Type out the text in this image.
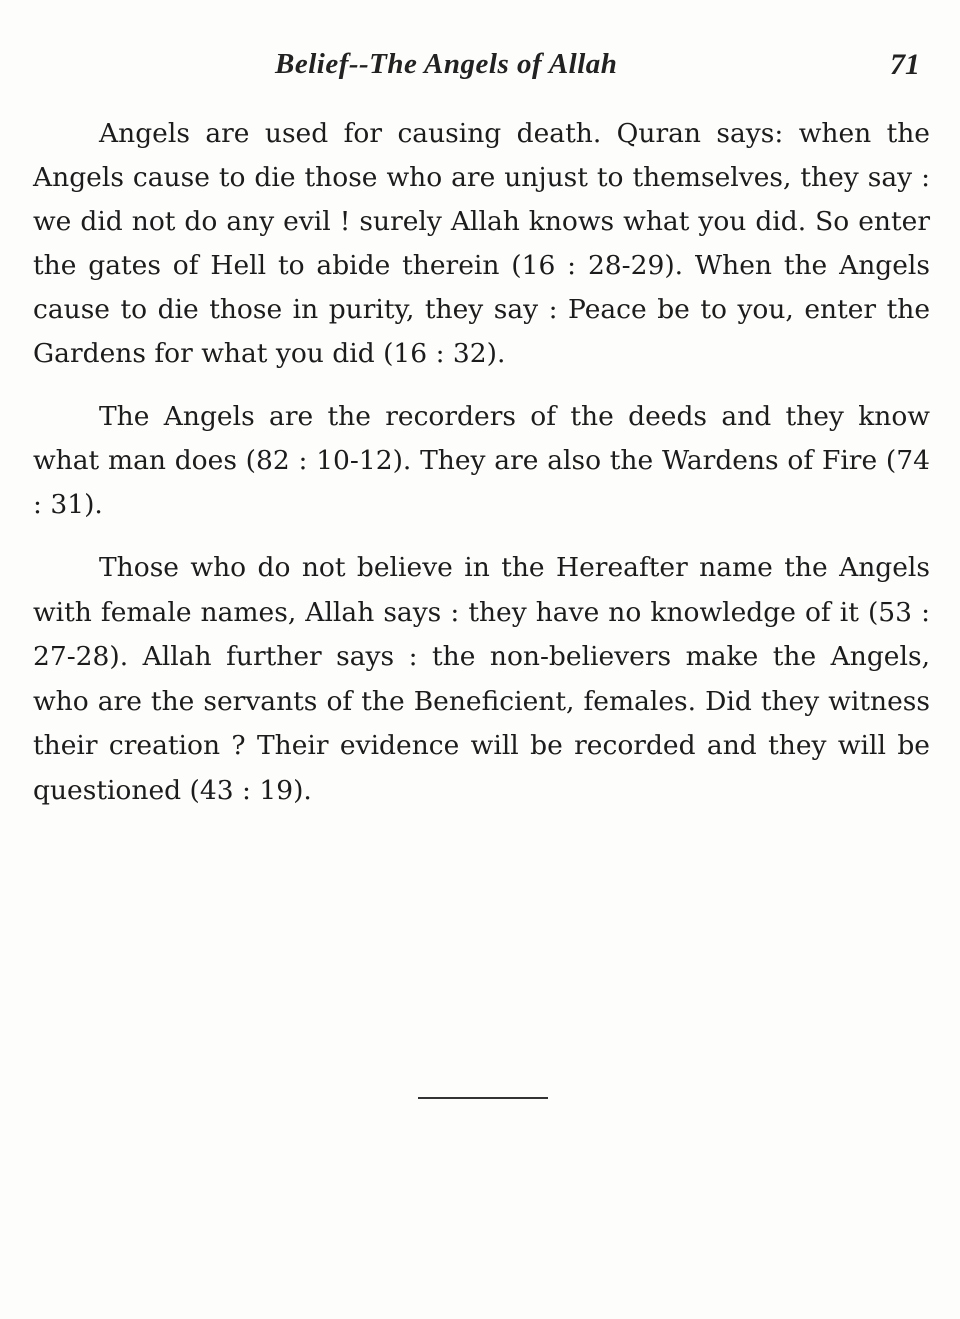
Belief--The Angels of Allah	71

Angels are used for causing death. Quran says: when the Angels cause to die those who are unjust to themselves, they say : we did not do any evil ! surely Allah knows what you did. So enter the gates of Hell to abide therein (16 : 28-29). When the Angels cause to die those in purity, they say : Peace be to you, enter the Gardens for what you did (16 : 32).

The Angels are the recorders of the deeds and they know what man does (82 : 10-12). They are also the Wardens of Fire (74 : 31).

Those who do not believe in the Hereafter name the Angels with female names, Allah says : they have no knowledge of it (53 : 27-28). Allah further says : the non-believers make the Angels, who are the servants of the Beneficient, females. Did they witness their creation ? Their evidence will be recorded and they will be questioned (43 : 19).
